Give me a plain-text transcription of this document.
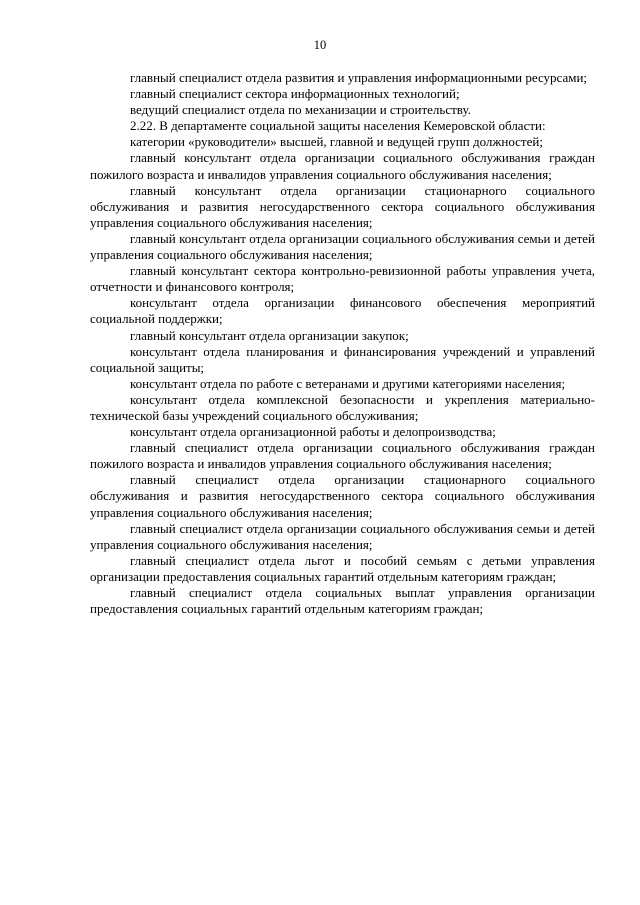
10

главный специалист отдела развития и управления информационными ресурсами;

главный специалист сектора информационных технологий;

ведущий специалист отдела по механизации и строительству.

2.22. В департаменте социальной защиты населения Кемеровской области:

категории «руководители» высшей, главной и ведущей групп должностей;

главный консультант отдела организации социального обслуживания граждан пожилого возраста и инвалидов управления социального обслуживания населения;

главный консультант отдела организации стационарного социального обслуживания и развития негосударственного сектора социального обслуживания управления социального обслуживания населения;

главный консультант отдела организации социального обслуживания семьи и детей управления социального обслуживания населения;

главный консультант сектора контрольно-ревизионной работы управления учета, отчетности и финансового контроля;

консультант отдела организации финансового обеспечения мероприятий социальной поддержки;

главный консультант отдела организации закупок;

консультант отдела планирования и финансирования учреждений и управлений социальной защиты;

консультант отдела по работе с ветеранами и другими категориями населения;

консультант отдела комплексной безопасности и укрепления материально-технической базы учреждений социального обслуживания;

консультант отдела организационной работы и делопроизводства;

главный специалист отдела организации социального обслуживания граждан пожилого возраста и инвалидов управления социального обслуживания населения;

главный специалист отдела организации стационарного социального обслуживания и развития негосударственного сектора социального обслуживания управления социального обслуживания населения;

главный специалист отдела организации социального обслуживания семьи и детей управления социального обслуживания населения;

главный специалист отдела льгот и пособий семьям с детьми управления организации предоставления социальных гарантий отдельным категориям граждан;

главный специалист отдела социальных выплат управления организации предоставления социальных гарантий отдельным категориям граждан;
